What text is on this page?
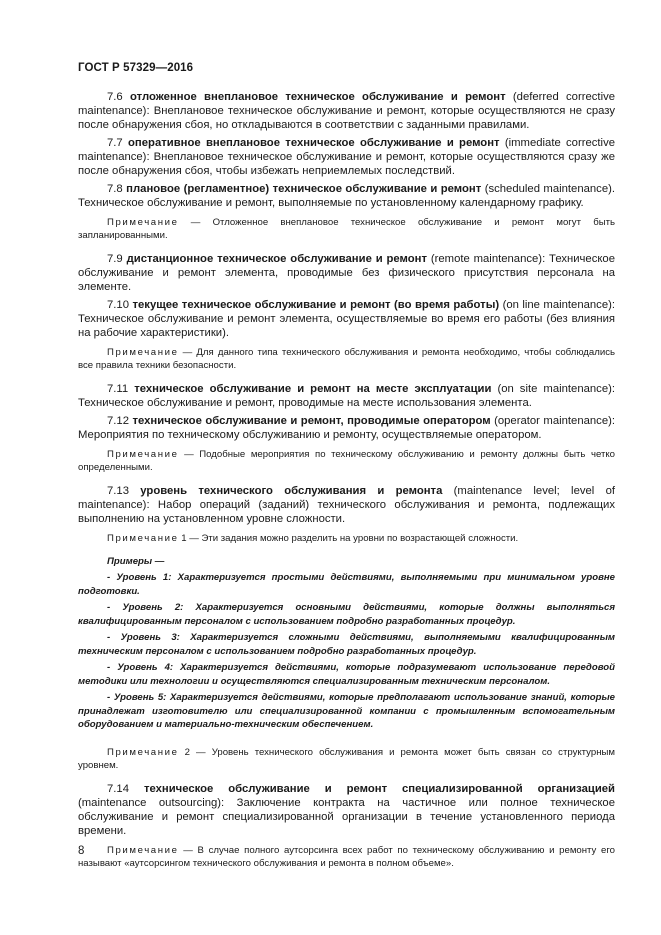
ГОСТ Р 57329—2016

7.6 отложенное внеплановое техническое обслуживание и ремонт (deferred corrective maintenance): Внеплановое техническое обслуживание и ремонт, которые осуществляются не сразу после обнаружения сбоя, но откладываются в соответствии с заданными правилами.

7.7 оперативное внеплановое техническое обслуживание и ремонт (immediate corrective maintenance): Внеплановое техническое обслуживание и ремонт, которые осуществляются сразу же после обнаружения сбоя, чтобы избежать неприемлемых последствий.

7.8 плановое (регламентное) техническое обслуживание и ремонт (scheduled maintenance). Техническое обслуживание и ремонт, выполняемые по установленному календарному графику.

Примечание — Отложенное внеплановое техническое обслуживание и ремонт могут быть запланированными.

7.9 дистанционное техническое обслуживание и ремонт (remote maintenance): Техническое обслуживание и ремонт элемента, проводимые без физического присутствия персонала на элементе.

7.10 текущее техническое обслуживание и ремонт (во время работы) (on line maintenance): Техническое обслуживание и ремонт элемента, осуществляемые во время его работы (без влияния на рабочие характеристики).

Примечание — Для данного типа технического обслуживания и ремонта необходимо, чтобы соблюдались все правила техники безопасности.

7.11 техническое обслуживание и ремонт на месте эксплуатации (on site maintenance): Техническое обслуживание и ремонт, проводимые на месте использования элемента.

7.12 техническое обслуживание и ремонт, проводимые оператором (operator maintenance): Мероприятия по техническому обслуживанию и ремонту, осуществляемые оператором.

Примечание — Подобные мероприятия по техническому обслуживанию и ремонту должны быть четко определенными.

7.13 уровень технического обслуживания и ремонта (maintenance level; level of maintenance): Набор операций (заданий) технического обслуживания и ремонта, подлежащих выполнению на установленном уровне сложности.

Примечание 1 — Эти задания можно разделить на уровни по возрастающей сложности.

Примеры —

- Уровень 1: Характеризуется простыми действиями, выполняемыми при минимальном уровне подготовки.

- Уровень 2: Характеризуется основными действиями, которые должны выполняться квалифицированным персоналом с использованием подробно разработанных процедур.

- Уровень 3: Характеризуется сложными действиями, выполняемыми квалифицированным техническим персоналом с использованием подробно разработанных процедур.

- Уровень 4: Характеризуется действиями, которые подразумевают использование передовой методики или технологии и осуществляются специализированным техническим персоналом.

- Уровень 5: Характеризуется действиями, которые предполагают использование знаний, которые принадлежат изготовителю или специализированной компании с промышленным вспомогательным оборудованием и материально-техническим обеспечением.

Примечание 2 — Уровень технического обслуживания и ремонта может быть связан со структурным уровнем.

7.14 техническое обслуживание и ремонт специализированной организацией (maintenance outsourcing): Заключение контракта на частичное или полное техническое обслуживание и ремонт специализированной организации в течение установленного периода времени.

Примечание — В случае полного аутсорсинга всех работ по техническому обслуживанию и ремонту его называют «аутсорсингом технического обслуживания и ремонта в полном объеме».

8
